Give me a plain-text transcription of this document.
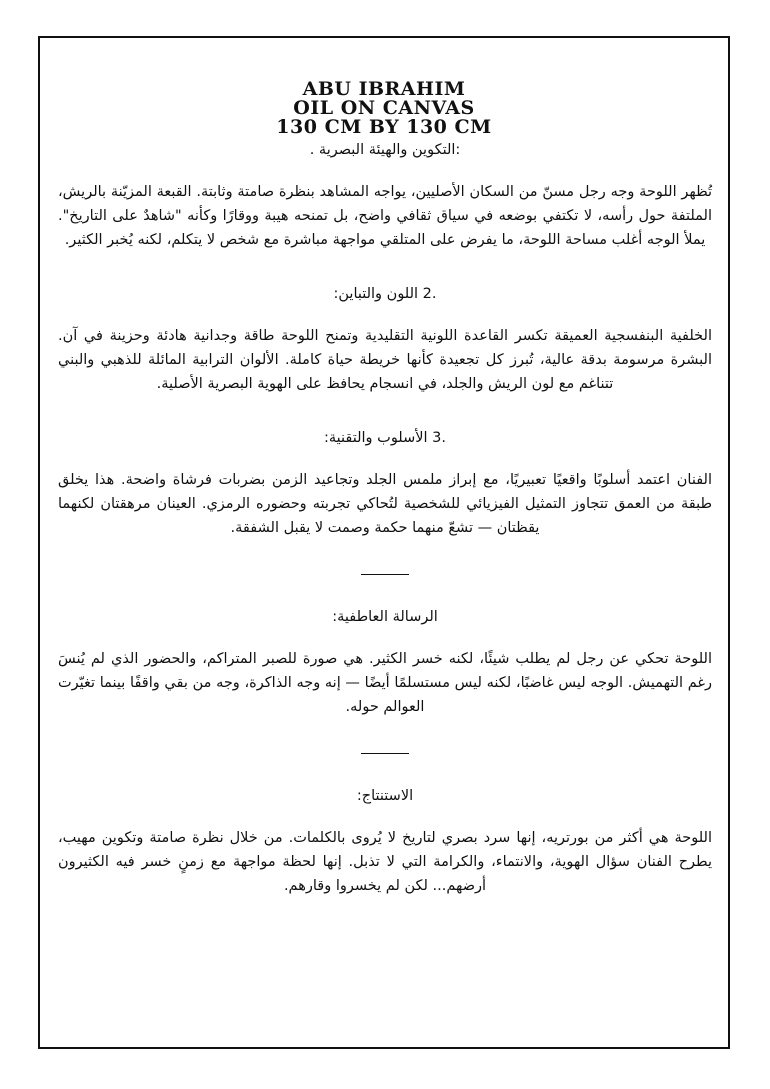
ABU IBRAHIM
OIL ON CANVAS
130 CM BY 130 CM

:التكوين والهيئة البصرية .

تُظهر اللوحة وجه رجل مسنّ من السكان الأصليين، يواجه المشاهد بنظرة صامتة وثابتة. القبعة المزيّنة بالريش، الملتفة حول رأسه، لا تكتفي بوضعه في سياق ثقافي واضح، بل تمنحه هيبة ووقارًا وكأنه "شاهدٌ على التاريخ". يملأ الوجه أغلب مساحة اللوحة، ما يفرض على المتلقي مواجهة مباشرة مع شخص لا يتكلم، لكنه يُخبر الكثير.

.2 اللون والتباين:

الخلفية البنفسجية العميقة تكسر القاعدة اللونية التقليدية وتمنح اللوحة طاقة وجدانية هادئة وحزينة في آن. البشرة مرسومة بدقة عالية، تُبرز كل تجعيدة كأنها خريطة حياة كاملة. الألوان الترابية المائلة للذهبي والبني تتناغم مع لون الريش والجلد، في انسجام يحافظ على الهوية البصرية الأصلية.

.3 الأسلوب والتقنية:

الفنان اعتمد أسلوبًا واقعيًا تعبيريًا، مع إبراز ملمس الجلد وتجاعيد الزمن بضربات فرشاة واضحة. هذا يخلق طبقة من العمق تتجاوز التمثيل الفيزيائي للشخصية لتُحاكي تجربته وحضوره الرمزي. العينان مرهقتان لكنهما يقظتان — تشعّ منهما حكمة وصمت لا يقبل الشفقة.

الرسالة العاطفية:

اللوحة تحكي عن رجل لم يطلب شيئًا، لكنه خسر الكثير. هي صورة للصبر المتراكم، والحضور الذي لم يُنسَ رغم التهميش. الوجه ليس غاضبًا، لكنه ليس مستسلمًا أيضًا — إنه وجه الذاكرة، وجه من بقي واقفًا بينما تغيّرت العوالم حوله.

الاستنتاج:

اللوحة هي أكثر من بورتريه، إنها سرد بصري لتاريخ لا يُروى بالكلمات. من خلال نظرة صامتة وتكوين مهيب، يطرح الفنان سؤال الهوية، والانتماء، والكرامة التي لا تذبل. إنها لحظة مواجهة مع زمنٍ خسر فيه الكثيرون أرضهم... لكن لم يخسروا وقارهم.
